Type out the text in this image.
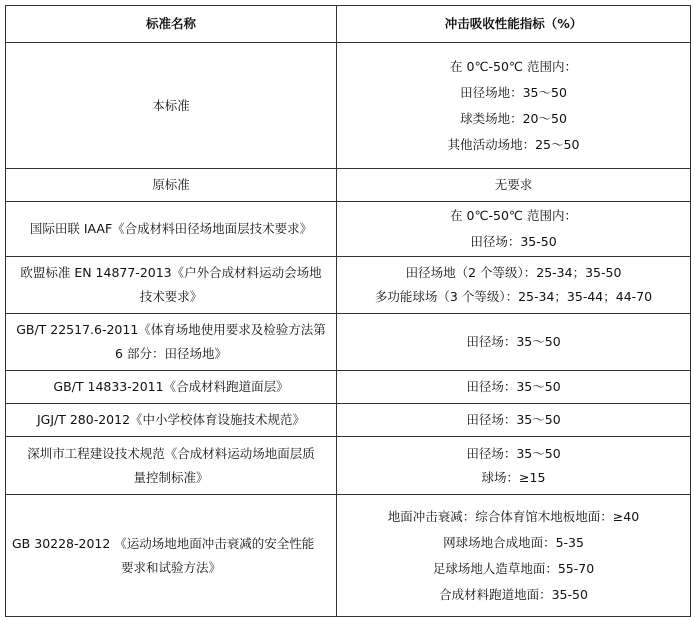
标准名称	冲击吸收性能指标（%）

本标准	在 0℃-50℃ 范围内：
田径场地：35～50
球类场地：20～50
其他活动场地：25～50

原标准	无要求

国际田联 IAAF《合成材料田径场地面层技术要求》	在 0℃-50℃ 范围内：
田径场：35-50

欧盟标准 EN 14877-2013《户外合成材料运动会场地
技术要求》	田径场地（2 个等级）：25-34；35-50
多功能球场（3 个等级）：25-34；35-44；44-70

GB/T 22517.6-2011《体育场地使用要求及检验方法第
6 部分：田径场地》	田径场：35～50

GB/T 14833-2011《合成材料跑道面层》	田径场：35～50

JGJ/T 280-2012《中小学校体育设施技术规范》	田径场：35～50

深圳市工程建设技术规范《合成材料运动场地面层质
量控制标准》	田径场：35～50
球场：≥15

GB 30228-2012 《运动场地地面冲击衰减的安全性能
要求和试验方法》	地面冲击衰减：综合体育馆木地板地面：≥40
网球场地合成地面：5-35
足球场地人造草地面：55-70
合成材料跑道地面：35-50
